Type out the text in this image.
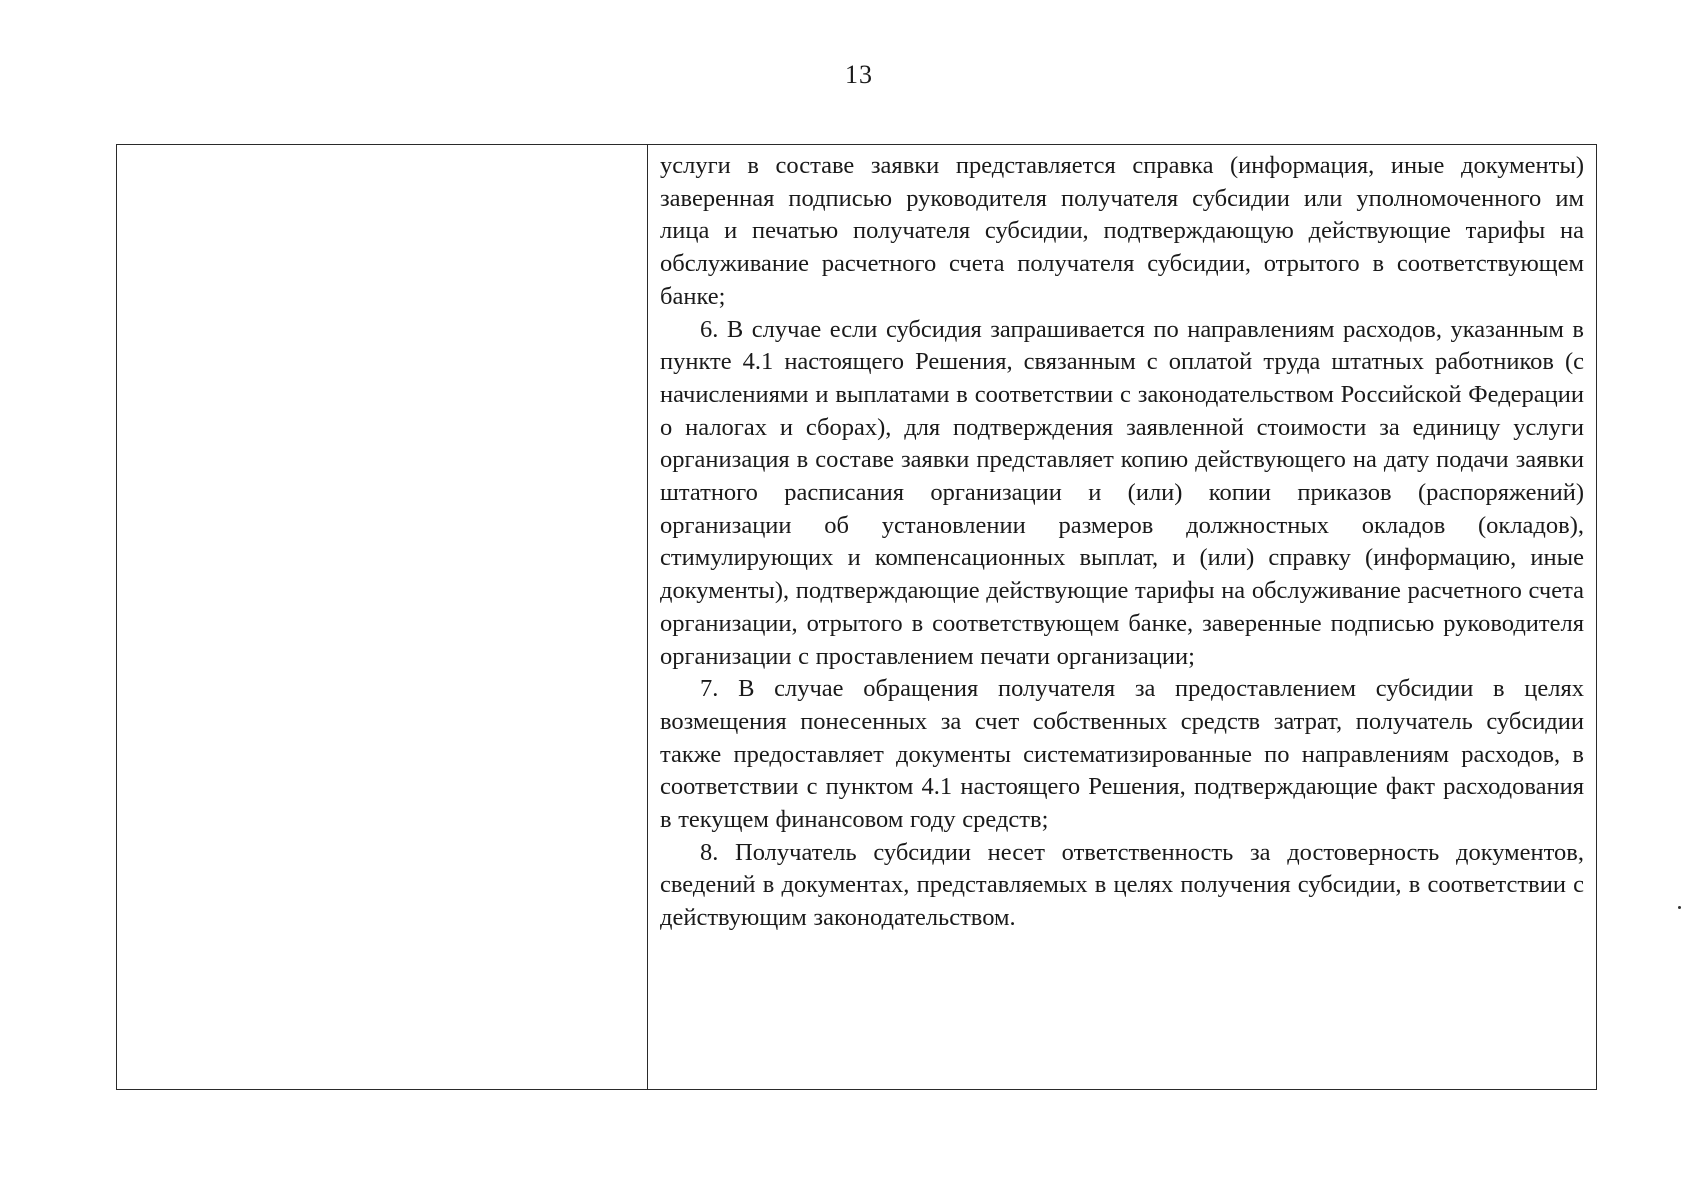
13

услуги в составе заявки представляется справка (информация, иные документы) заверенная подписью руководителя получателя субсидии или уполномоченного им лица и печатью получателя субсидии, подтверждающую действующие тарифы на обслуживание расчетного счета получателя субсидии, отрытого в соответствующем банке;

6. В случае если субсидия запрашивается по направлениям расходов, указанным в пункте 4.1 настоящего Решения, связанным с оплатой труда штатных работников (с начислениями и выплатами в соответствии с законодательством Российской Федерации о налогах и сборах), для подтверждения заявленной стоимости за единицу услуги организация в составе заявки представляет копию действующего на дату подачи заявки штатного расписания организации и (или) копии приказов (распоряжений) организации об установлении размеров должностных окладов (окладов), стимулирующих и компенсационных выплат, и (или) справку (информацию, иные документы), подтверждающие действующие тарифы на обслуживание расчетного счета организации, отрытого в соответствующем банке, заверенные подписью руководителя организации с проставлением печати организации;

7. В случае обращения получателя за предоставлением субсидии в целях возмещения понесенных за счет собственных средств затрат, получатель субсидии также предоставляет документы систематизированные по направлениям расходов, в соответствии с пунктом 4.1 настоящего Решения, подтверждающие факт расходования в текущем финансовом году средств;

8. Получатель субсидии несет ответственность за достоверность документов, сведений в документах, представляемых в целях получения субсидии, в соответствии с действующим законодательством.
